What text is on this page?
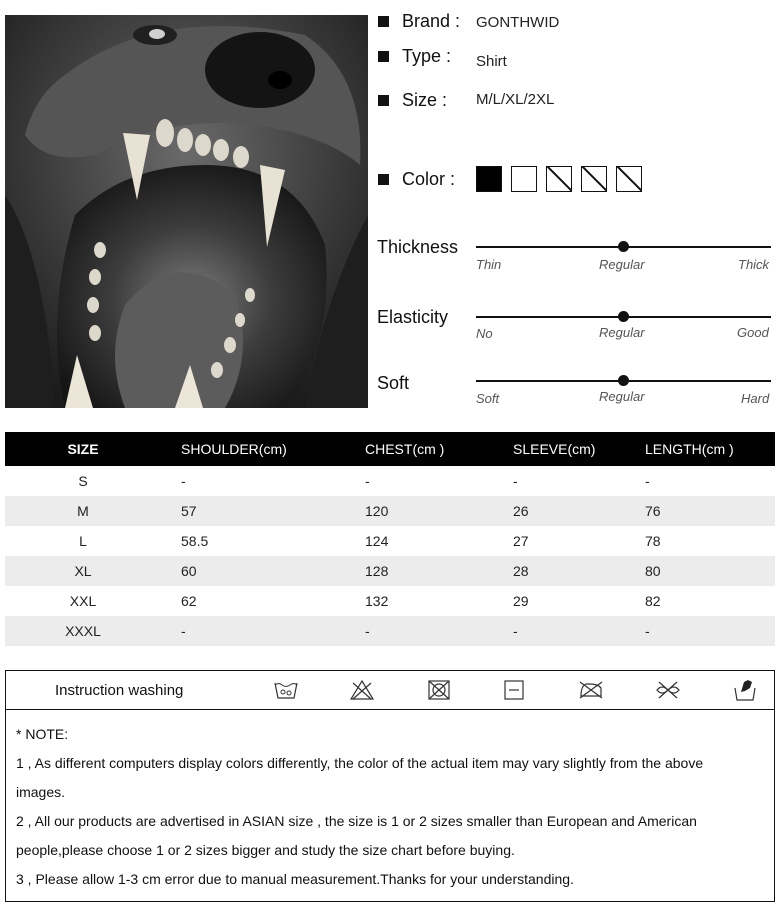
Brand : GONTHWID
Type : Shirt
Size : M/L/XL/2XL
Color :
Thickness
Thin	Regular	Thick
Elasticity
No	Regular	Good
Soft
Soft	Regular	Hard
SIZE	SHOULDER(cm)	CHEST(cm )	SLEEVE(cm)	LENGTH(cm )
S	-	-	-	-
M	57	120	26	76
L	58.5	124	27	78
XL	60	128	28	80
XXL	62	132	29	82
XXXL	-	-	-	-
Instruction washing
* NOTE:
1 , As different computers display colors differently, the color of the actual item may vary slightly from the above
images.
2 , All our products are advertised in ASIAN size , the size is 1 or 2 sizes smaller than European and American
people,please choose 1 or 2 sizes bigger and study the size chart before buying.
3 , Please allow 1-3 cm error due to manual measurement.Thanks for your understanding.
